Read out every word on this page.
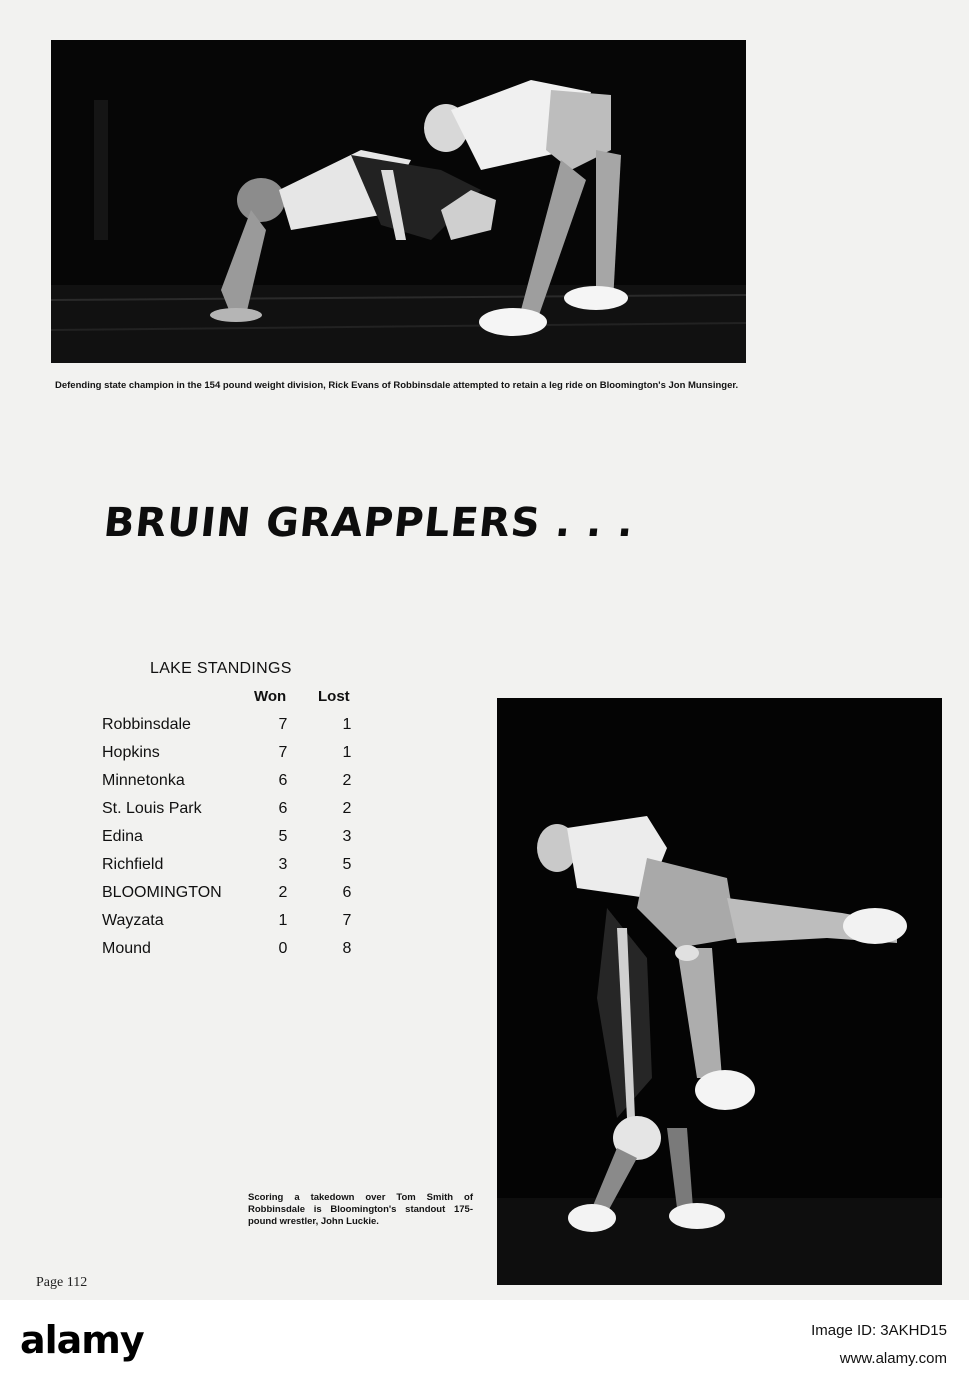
Defending state champion in the 154 pound weight division, Rick Evans of Robbinsdale attempted to retain a leg ride on Bloomington's Jon Munsinger.
BRUIN GRAPPLERS . . .
LAKE STANDINGS
Won Lost
Robbinsdale	7	1
Hopkins	7	1
Minnetonka	6	2
St. Louis Park	6	2
Edina	5	3
Richfield	3	5
BLOOMINGTON	2	6
Wayzata	1	7
Mound	0	8
Scoring a takedown over Tom Smith of Robbinsdale is Bloomington's standout 175-pound wrestler, John Luckie.
Page 112
alamy	Image ID: 3AKHD15
www.alamy.com
